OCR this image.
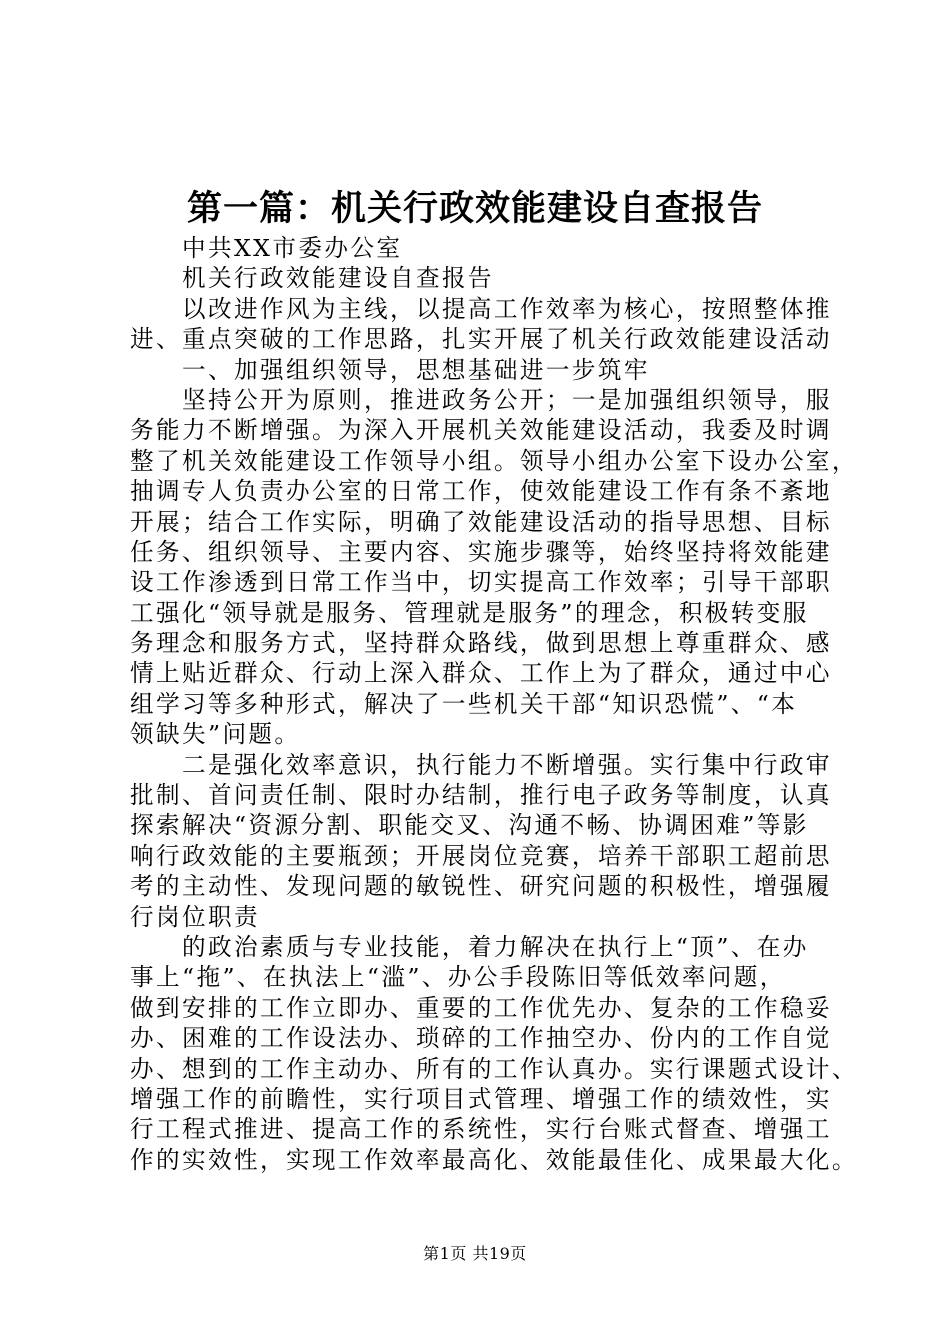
第一篇：机关行政效能建设自查报告
中共XX市委办公室
机关行政效能建设自查报告
以改进作风为主线，以提高工作效率为核心，按照整体推
进、重点突破的工作思路，扎实开展了机关行政效能建设活动
一、加强组织领导，思想基础进一步筑牢
坚持公开为原则，推进政务公开；一是加强组织领导，服
务能力不断增强。为深入开展机关效能建设活动，我委及时调
整了机关效能建设工作领导小组。领导小组办公室下设办公室，
抽调专人负责办公室的日常工作，使效能建设工作有条不紊地
开展；结合工作实际，明确了效能建设活动的指导思想、目标
任务、组织领导、主要内容、实施步骤等，始终坚持将效能建
设工作渗透到日常工作当中，切实提高工作效率；引导干部职
工强化“领导就是服务、管理就是服务”的理念，积极转变服
务理念和服务方式，坚持群众路线，做到思想上尊重群众、感
情上贴近群众、行动上深入群众、工作上为了群众，通过中心
组学习等多种形式，解决了一些机关干部“知识恐慌”、“本
领缺失”问题。
二是强化效率意识，执行能力不断增强。实行集中行政审
批制、首问责任制、限时办结制，推行电子政务等制度，认真
探索解决“资源分割、职能交叉、沟通不畅、协调困难”等影
响行政效能的主要瓶颈；开展岗位竞赛，培养干部职工超前思
考的主动性、发现问题的敏锐性、研究问题的积极性，增强履
行岗位职责
的政治素质与专业技能，着力解决在执行上“顶”、在办
事上“拖”、在执法上“滥”、办公手段陈旧等低效率问题，
做到安排的工作立即办、重要的工作优先办、复杂的工作稳妥
办、困难的工作设法办、琐碎的工作抽空办、份内的工作自觉
办、想到的工作主动办、所有的工作认真办。实行课题式设计、
增强工作的前瞻性，实行项目式管理、增强工作的绩效性，实
行工程式推进、提高工作的系统性，实行台账式督查、增强工
作的实效性，实现工作效率最高化、效能最佳化、成果最大化。
第1页 共19页
